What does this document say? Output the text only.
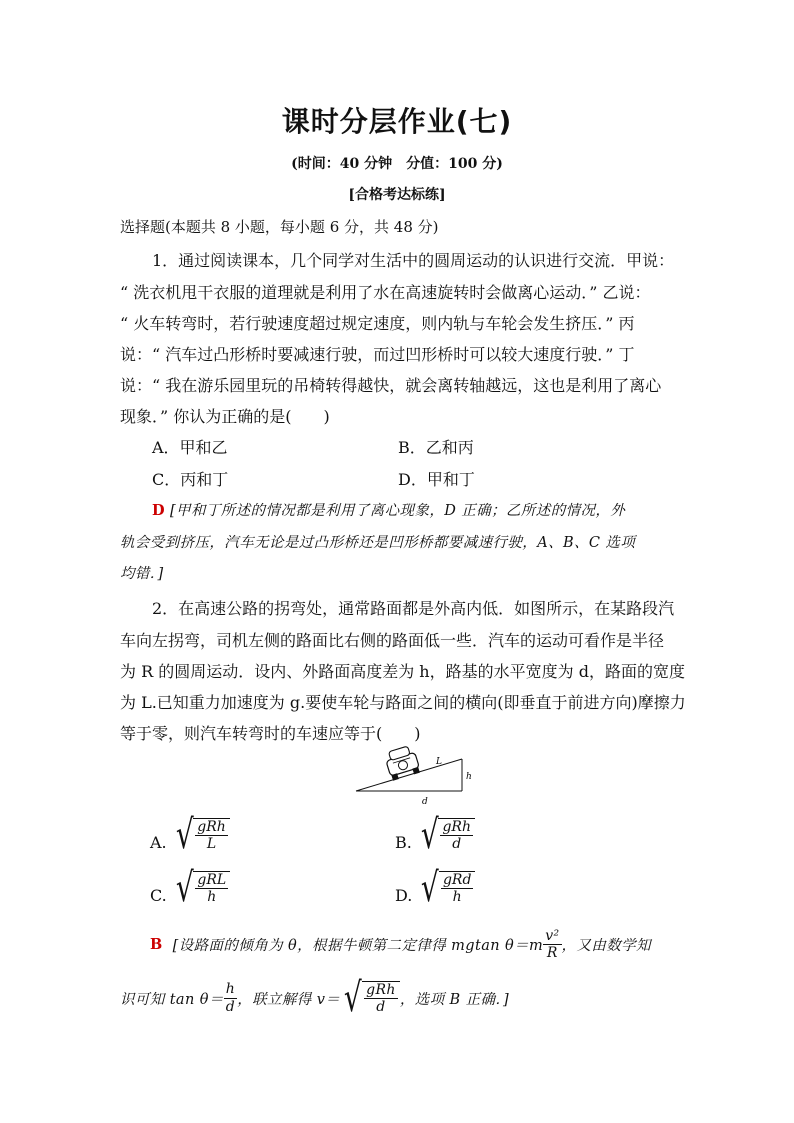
课时分层作业(七)
(时间：40 分钟　分值：100 分)
[合格考达标练]
选择题(本题共 8 小题，每小题 6 分，共 48 分)
1．通过阅读课本，几个同学对生活中的圆周运动的认识进行交流．甲说：
“ 洗衣机甩干衣服的道理就是利用了水在高速旋转时会做离心运动．” 乙说：
“ 火车转弯时，若行驶速度超过规定速度，则内轨与车轮会发生挤压．” 丙
说：“ 汽车过凸形桥时要减速行驶，而过凹形桥时可以较大速度行驶．” 丁
说：“ 我在游乐园里玩的吊椅转得越快，就会离转轴越远，这也是利用了离心
现象．” 你认为正确的是(　　)
A．甲和乙	B．乙和丙
C．丙和丁	D．甲和丁
D [甲和丁所述的情况都是利用了离心现象，D 正确；乙所述的情况，外
轨会受到挤压，汽车无论是过凸形桥还是凹形桥都要减速行驶，A、B、C 选项
均错．]
2．在高速公路的拐弯处，通常路面都是外高内低．如图所示，在某路段汽
车向左拐弯，司机左侧的路面比右侧的路面低一些．汽车的运动可看作是半径
为 R 的圆周运动．设内、外路面高度差为 h，路基的水平宽度为 d，路面的宽度
为 L.已知重力加速度为 g.要使车轮与路面之间的横向(即垂直于前进方向)摩擦力
等于零，则汽车转弯时的车速应等于(　　)
L
h
d
A. √ $\frac{\text{gRh}}{L}$	B. √ $\frac{\text{gRh}}{d}$
C. √ $\frac{\text{gRL}}{h}$	D. √ $\frac{\text{gRd}}{h}$
B [设路面的倾角为 θ，根据牛顿第二定律得 mgtan $\theta=m \frac{\text{v²}}{R}$ ，又由数学知
识可知 $\tan \theta= \frac{h}{d}$ ，联立解得 v＝ √ $\frac{\text{gRh}}{d}$ ，选项 B 正确．]
